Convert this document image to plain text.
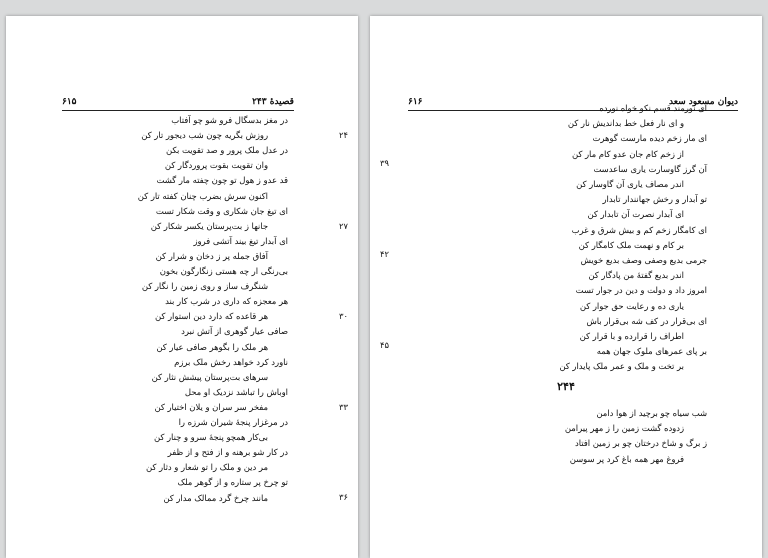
قصیدهٔ ۲۴۳
۶۱۵
در مغز بدسگال فرو شو چو آفتاب
روزش بگریه چون شب دیجور تار کن
در عدل ملک پرور و صد تقویت بکن
وان تقویت بقوت پروردگار کن
قد عدو ز هول تو چون چفته مار گشت
اکنون سرش بضرب چنان کفته تار کن
ای تیغ جان شکاری و وقت شکار تست
جانها ز بت‌پرستان یکسر شکار کن
ای آبدار تیغ بیند آتشی فروز
آفاق جمله پر ز دخان و شرار کن
بی‌رنگی ار چه هستی زنگارگون بخون
شنگرف ساز و روی زمین را نگار کن
هر معجزه که داری در شرب کار بند
هر قاعده که دارد دین استوار کن
صافی عیار گوهری از آتش نبرد
هر ملک را بگوهر صافی عیار کن
ناورد کرد خواهد رخش ملک برزم
سرهای بت‌پرستان پیشش نثار کن
اوباش را تباشد نزدیک او محل
مفخر سر سران و یلان اختیار کن
در مرغزار پنجهٔ شیران شرزه را
بی‌کار همچو پنجهٔ سرو و چنار کن
در کار شو برهنه و از فتح و از ظفر
مر دین و ملک را تو شعار و دثار کن
تو چرخ پر ستاره و از گوهر ملک
مانند چرخ گرد ممالک مدار کن
۲۴
۲۷
۳۰
۳۳
۳۶
دیوان مسعود سعد
۶۱۶
ای نورمند قسم نکو خواه نورده
و ای نار فعل خط بداندیش نار کن
ای مار زخم دیده مارست گوهرت
از زخم کام جان عدو کام مار کن
آن گرز گاوسارت یاری ساعدست
اندر مصاف یاری آن گاوسار کن
تو آبدار و رخش جهانندار تابدار
ای آبدار نصرت آن تابدار کن
ای کامگار زخم کم و بیش شرق و غرب
بر کام و نهمت ملک کامگار کن
جرمی بدیع وصفی وصف بدیع خویش
اندر بدیع گفتهٔ من پادگار کن
امروز داد و دولت و دین در جوار تست
یاری ده و رعایت حق جوار کن
ای بی‌قرار در کف شه بی‌قرار باش
اطراف را قرارده و با قرار کن
بر پای عمرهای ملوک جهان همه
بر تخت و ملک و عمر ملک پایدار کن
۳۹
۴۲
۴۵
۲۴۴
شب سیاه چو برچید از هوا دامن
زدوده گشت زمین را ز مهر پیرامن
ز برگ و شاخ درختان چو بر زمین افتاد
فروغ مهر همه باغ کرد پر سوسن
